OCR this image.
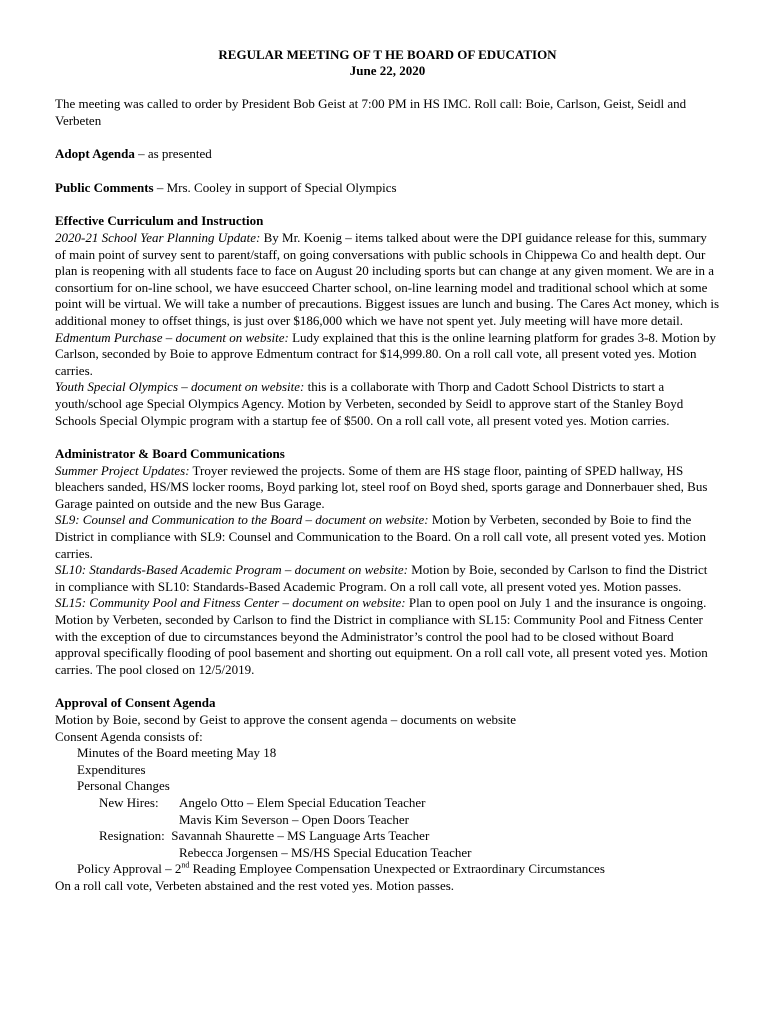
REGULAR MEETING OF T HE BOARD OF EDUCATION
June 22, 2020

The meeting was called to order by President Bob Geist at 7:00 PM in HS IMC. Roll call: Boie, Carlson, Geist, Seidl and Verbeten

Adopt Agenda – as presented

Public Comments – Mrs. Cooley in support of Special Olympics

Effective Curriculum and Instruction

2020-21 School Year Planning Update: By Mr. Koenig – items talked about were the DPI guidance release for this, summary of main point of survey sent to parent/staff, on going conversations with public schools in Chippewa Co and health dept. Our plan is reopening with all students face to face on August 20 including sports but can change at any given moment. We are in a consortium for on-line school, we have esucceed Charter school, on-line learning model and traditional school which at some point will be virtual. We will take a number of precautions. Biggest issues are lunch and busing. The Cares Act money, which is additional money to offset things, is just over $186,000 which we have not spent yet. July meeting will have more detail.

Edmentum Purchase – document on website: Ludy explained that this is the online learning platform for grades 3-8. Motion by Carlson, seconded by Boie to approve Edmentum contract for $14,999.80. On a roll call vote, all present voted yes. Motion carries.

Youth Special Olympics – document on website: this is a collaborate with Thorp and Cadott School Districts to start a youth/school age Special Olympics Agency. Motion by Verbeten, seconded by Seidl to approve start of the Stanley Boyd Schools Special Olympic program with a startup fee of $500. On a roll call vote, all present voted yes. Motion carries.

Administrator & Board Communications

Summer Project Updates: Troyer reviewed the projects. Some of them are HS stage floor, painting of SPED hallway, HS bleachers sanded, HS/MS locker rooms, Boyd parking lot, steel roof on Boyd shed, sports garage and Donnerbauer shed, Bus Garage painted on outside and the new Bus Garage.

SL9: Counsel and Communication to the Board – document on website: Motion by Verbeten, seconded by Boie to find the District in compliance with SL9: Counsel and Communication to the Board. On a roll call vote, all present voted yes. Motion carries.

SL10: Standards-Based Academic Program – document on website: Motion by Boie, seconded by Carlson to find the District in compliance with SL10: Standards-Based Academic Program. On a roll call vote, all present voted yes. Motion passes.

SL15: Community Pool and Fitness Center – document on website: Plan to open pool on July 1 and the insurance is ongoing. Motion by Verbeten, seconded by Carlson to find the District in compliance with SL15: Community Pool and Fitness Center with the exception of due to circumstances beyond the Administrator’s control the pool had to be closed without Board approval specifically flooding of pool basement and shorting out equipment. On a roll call vote, all present voted yes. Motion carries. The pool closed on 12/5/2019.

Approval of Consent Agenda
Motion by Boie, second by Geist to approve the consent agenda – documents on website
Consent Agenda consists of:
Minutes of the Board meeting May 18
Expenditures
Personal Changes
New Hires: Angelo Otto – Elem Special Education Teacher
Mavis Kim Severson – Open Doors Teacher
Resignation: Savannah Shaurette – MS Language Arts Teacher
Rebecca Jorgensen – MS/HS Special Education Teacher
Policy Approval – 2nd Reading Employee Compensation Unexpected or Extraordinary Circumstances
On a roll call vote, Verbeten abstained and the rest voted yes. Motion passes.
